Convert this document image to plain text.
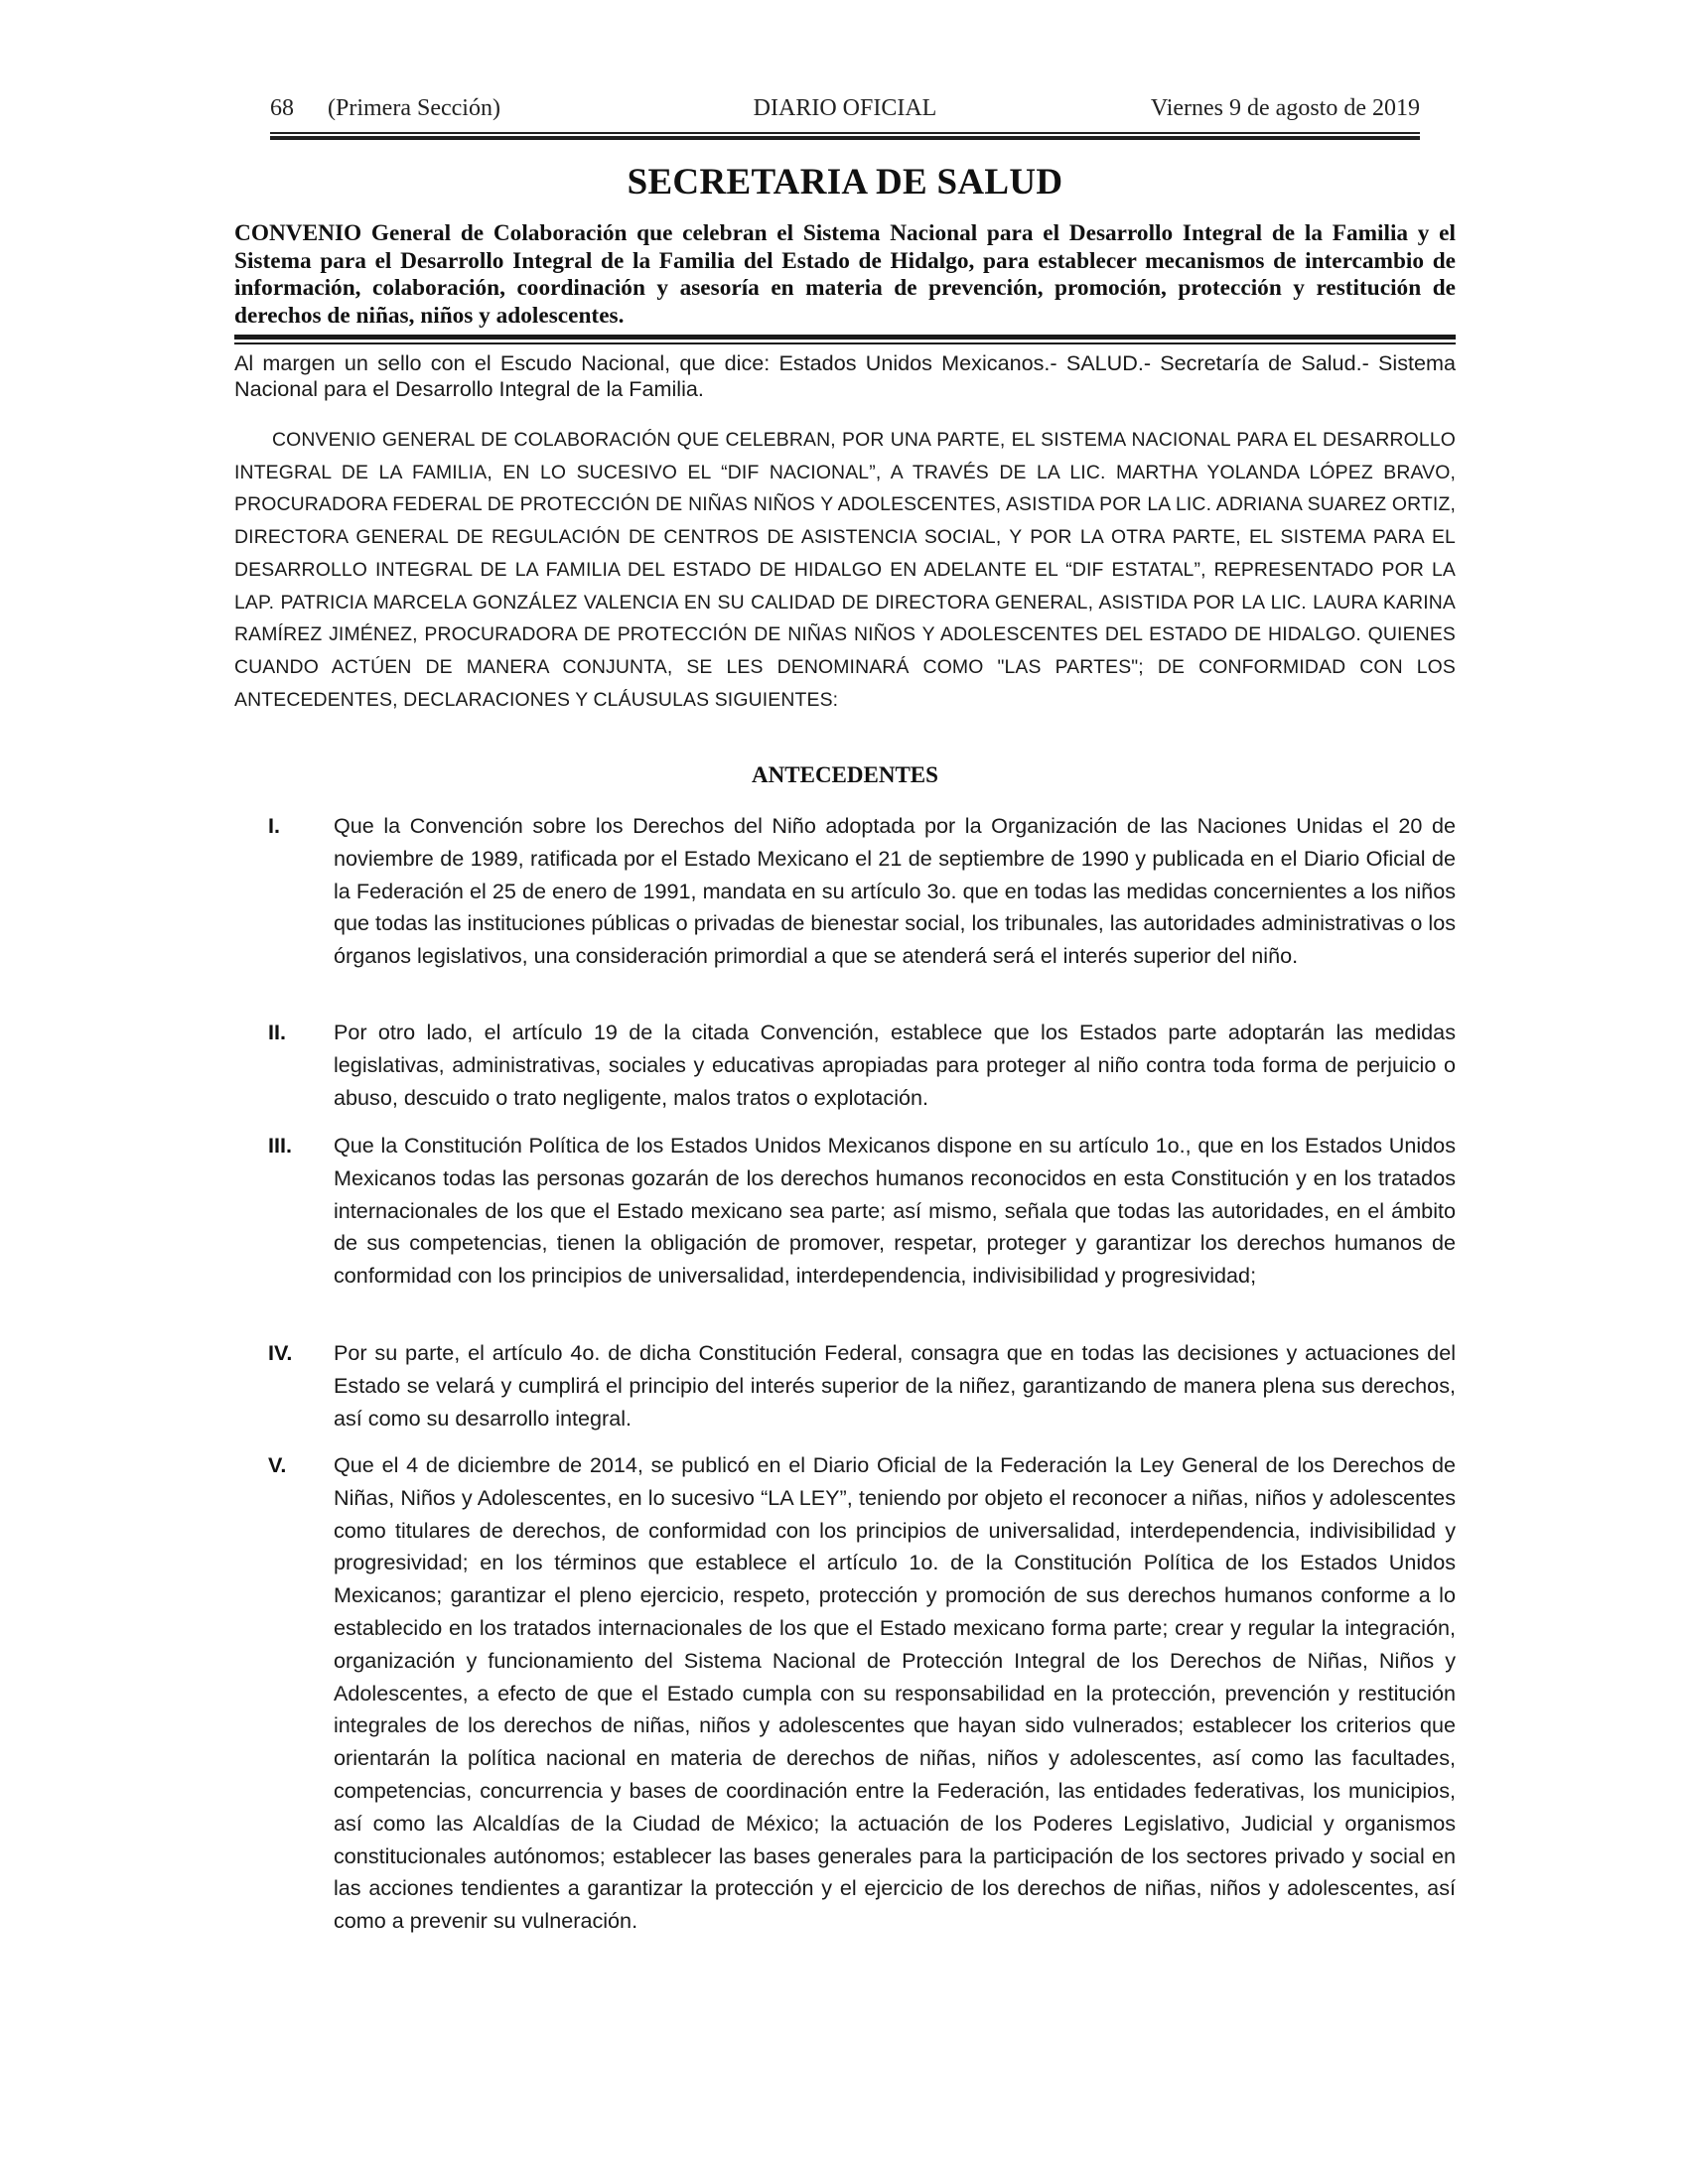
68 (Primera Sección)	DIARIO OFICIAL	Viernes 9 de agosto de 2019
SECRETARIA DE SALUD
CONVENIO General de Colaboración que celebran el Sistema Nacional para el Desarrollo Integral de la Familia y el Sistema para el Desarrollo Integral de la Familia del Estado de Hidalgo, para establecer mecanismos de intercambio de información, colaboración, coordinación y asesoría en materia de prevención, promoción, protección y restitución de derechos de niñas, niños y adolescentes.
Al margen un sello con el Escudo Nacional, que dice: Estados Unidos Mexicanos.- SALUD.- Secretaría de Salud.- Sistema Nacional para el Desarrollo Integral de la Familia.
CONVENIO GENERAL DE COLABORACIÓN QUE CELEBRAN, POR UNA PARTE, EL SISTEMA NACIONAL PARA EL DESARROLLO INTEGRAL DE LA FAMILIA, EN LO SUCESIVO EL “DIF NACIONAL”, A TRAVÉS DE LA LIC. MARTHA YOLANDA LÓPEZ BRAVO, PROCURADORA FEDERAL DE PROTECCIÓN DE NIÑAS NIÑOS Y ADOLESCENTES, ASISTIDA POR LA LIC. ADRIANA SUAREZ ORTIZ, DIRECTORA GENERAL DE REGULACIÓN DE CENTROS DE ASISTENCIA SOCIAL, Y POR LA OTRA PARTE, EL SISTEMA PARA EL DESARROLLO INTEGRAL DE LA FAMILIA DEL ESTADO DE HIDALGO EN ADELANTE EL “DIF ESTATAL”, REPRESENTADO POR LA LAP. PATRICIA MARCELA GONZÁLEZ VALENCIA EN SU CALIDAD DE DIRECTORA GENERAL, ASISTIDA POR LA LIC. LAURA KARINA RAMÍREZ JIMÉNEZ, PROCURADORA DE PROTECCIÓN DE NIÑAS NIÑOS Y ADOLESCENTES DEL ESTADO DE HIDALGO. QUIENES CUANDO ACTÚEN DE MANERA CONJUNTA, SE LES DENOMINARÁ COMO "LAS PARTES"; DE CONFORMIDAD CON LOS ANTECEDENTES, DECLARACIONES Y CLÁUSULAS SIGUIENTES:
ANTECEDENTES
I.	Que la Convención sobre los Derechos del Niño adoptada por la Organización de las Naciones Unidas el 20 de noviembre de 1989, ratificada por el Estado Mexicano el 21 de septiembre de 1990 y publicada en el Diario Oficial de la Federación el 25 de enero de 1991, mandata en su artículo 3o. que en todas las medidas concernientes a los niños que todas las instituciones públicas o privadas de bienestar social, los tribunales, las autoridades administrativas o los órganos legislativos, una consideración primordial a que se atenderá será el interés superior del niño.
II. Por otro lado, el artículo 19 de la citada Convención, establece que los Estados parte adoptarán las medidas legislativas, administrativas, sociales y educativas apropiadas para proteger al niño contra toda forma de perjuicio o abuso, descuido o trato negligente, malos tratos o explotación.
III. Que la Constitución Política de los Estados Unidos Mexicanos dispone en su artículo 1o., que en los Estados Unidos Mexicanos todas las personas gozarán de los derechos humanos reconocidos en esta Constitución y en los tratados internacionales de los que el Estado mexicano sea parte; así mismo, señala que todas las autoridades, en el ámbito de sus competencias, tienen la obligación de promover, respetar, proteger y garantizar los derechos humanos de conformidad con los principios de universalidad, interdependencia, indivisibilidad y progresividad;
IV. Por su parte, el artículo 4o. de dicha Constitución Federal, consagra que en todas las decisiones y actuaciones del Estado se velará y cumplirá el principio del interés superior de la niñez, garantizando de manera plena sus derechos, así como su desarrollo integral.
V. Que el 4 de diciembre de 2014, se publicó en el Diario Oficial de la Federación la Ley General de los Derechos de Niñas, Niños y Adolescentes, en lo sucesivo “LA LEY”, teniendo por objeto el reconocer a niñas, niños y adolescentes como titulares de derechos, de conformidad con los principios de universalidad, interdependencia, indivisibilidad y progresividad; en los términos que establece el artículo 1o. de la Constitución Política de los Estados Unidos Mexicanos; garantizar el pleno ejercicio, respeto, protección y promoción de sus derechos humanos conforme a lo establecido en los tratados internacionales de los que el Estado mexicano forma parte; crear y regular la integración, organización y funcionamiento del Sistema Nacional de Protección Integral de los Derechos de Niñas, Niños y Adolescentes, a efecto de que el Estado cumpla con su responsabilidad en la protección, prevención y restitución integrales de los derechos de niñas, niños y adolescentes que hayan sido vulnerados; establecer los criterios que orientarán la política nacional en materia de derechos de niñas, niños y adolescentes, así como las facultades, competencias, concurrencia y bases de coordinación entre la Federación, las entidades federativas, los municipios, así como las Alcaldías de la Ciudad de México; la actuación de los Poderes Legislativo, Judicial y organismos constitucionales autónomos; establecer las bases generales para la participación de los sectores privado y social en las acciones tendientes a garantizar la protección y el ejercicio de los derechos de niñas, niños y adolescentes, así como a prevenir su vulneración.
